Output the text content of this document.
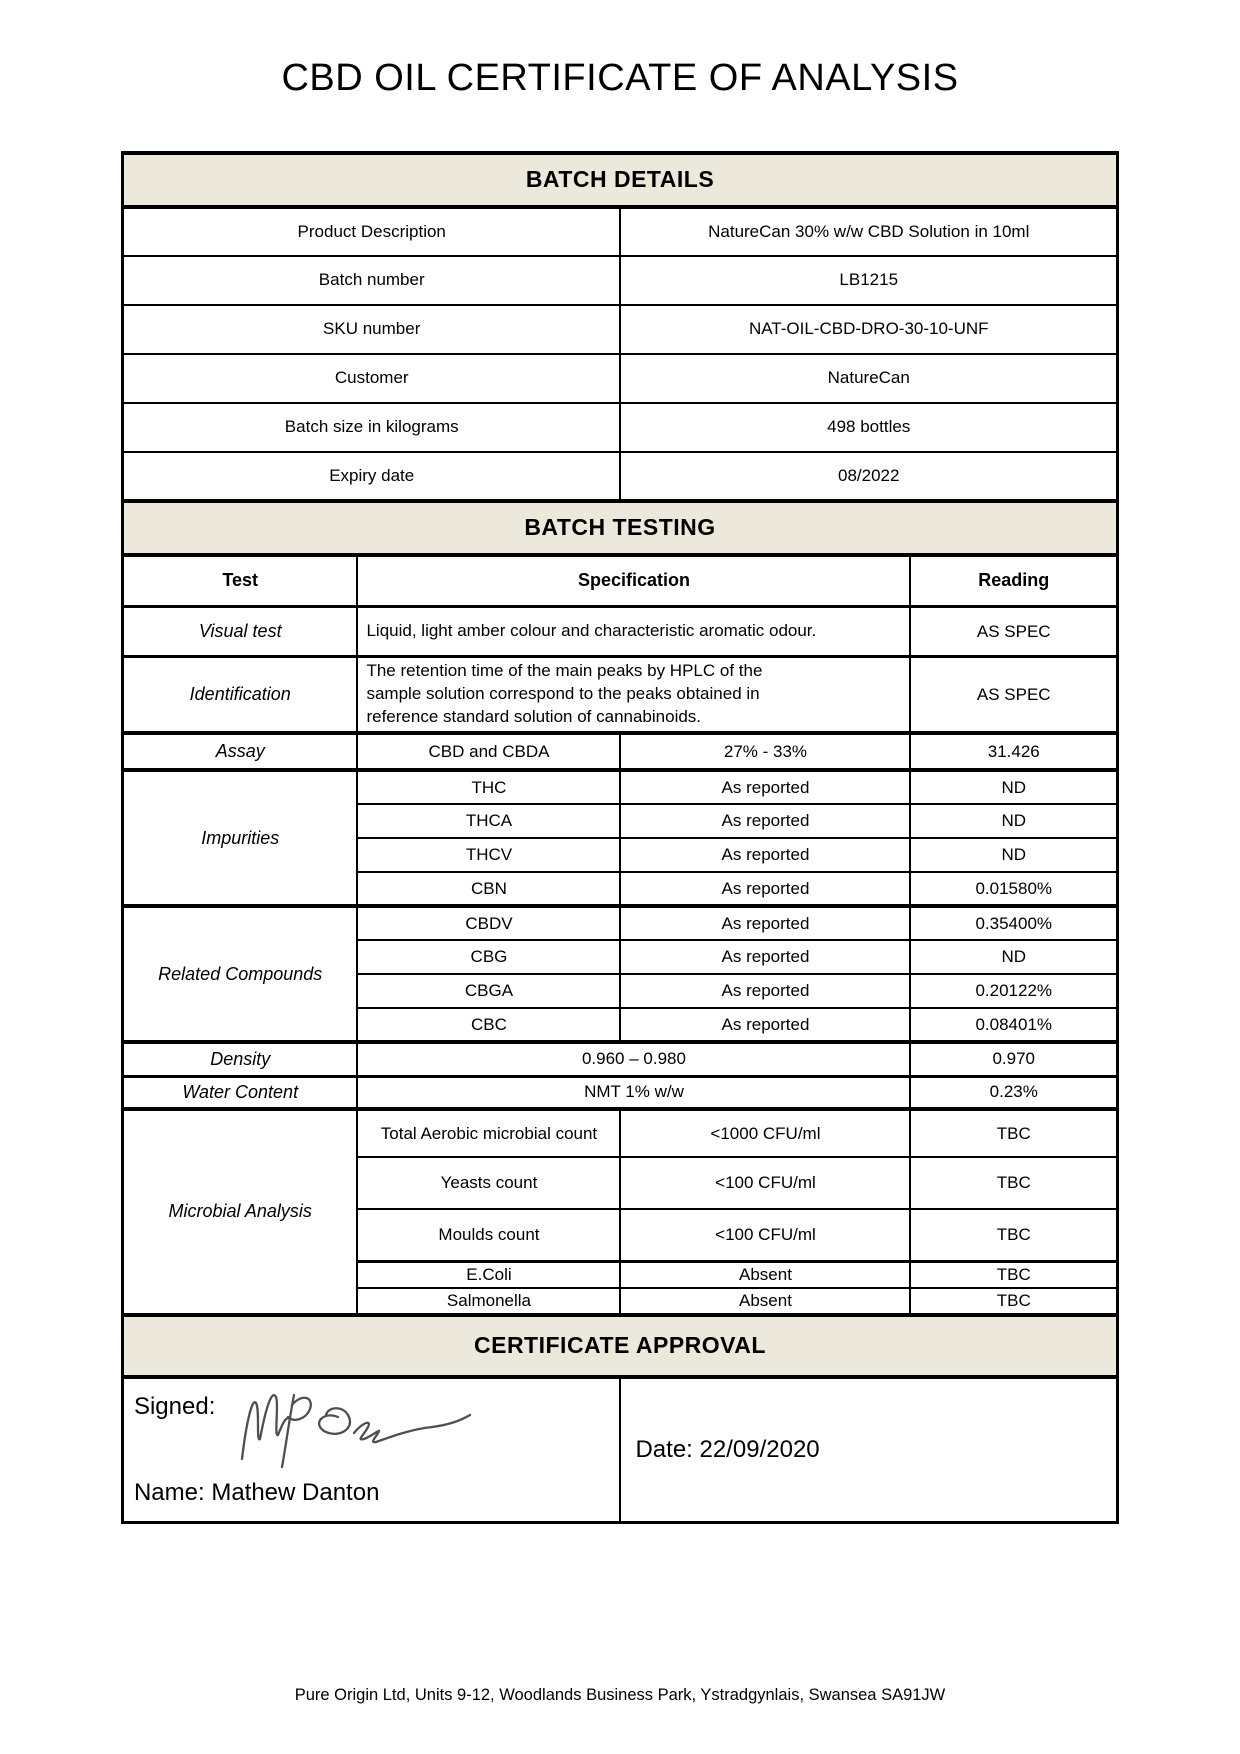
CBD OIL CERTIFICATE OF ANALYSIS
BATCH DETAILS			
Product Description		NatureCan 30% w/w CBD Solution in 10ml	
Batch number		LB1215	
SKU number		NAT-OIL-CBD-DRO-30-10-UNF	
Customer		NatureCan	
Batch size in kilograms		498 bottles	
Expiry date		08/2022	
BATCH TESTING			
Test	Specification		Reading
Visual test	Liquid, light amber colour and characteristic aromatic odour.		AS SPEC
Identification	The retention time of the main peaks by HPLC of the sample solution correspond to the peaks obtained in reference standard solution of cannabinoids.		AS SPEC
Assay	CBD and CBDA	27% - 33%	31.426
Impurities	THC	As reported	ND
	THCA	As reported	ND
	THCV	As reported	ND
	CBN	As reported	0.01580%
Related Compounds	CBDV	As reported	0.35400%
	CBG	As reported	ND
	CBGA	As reported	0.20122%
	CBC	As reported	0.08401%
Density	0.960 – 0.980		0.970
Water Content	NMT 1% w/w		0.23%
Microbial Analysis	Total Aerobic microbial count	<1000 CFU/ml	TBC
	Yeasts count	<100 CFU/ml	TBC
	Moulds count	<100 CFU/ml	TBC
	E.Coli	Absent	TBC
	Salmonella	Absent	TBC
CERTIFICATE APPROVAL			

Signed:
Name: Mathew Danton		Date: 22/09/2020	
Pure Origin Ltd, Units 9-12, Woodlands Business Park, Ystradgynlais, Swansea SA91JW
